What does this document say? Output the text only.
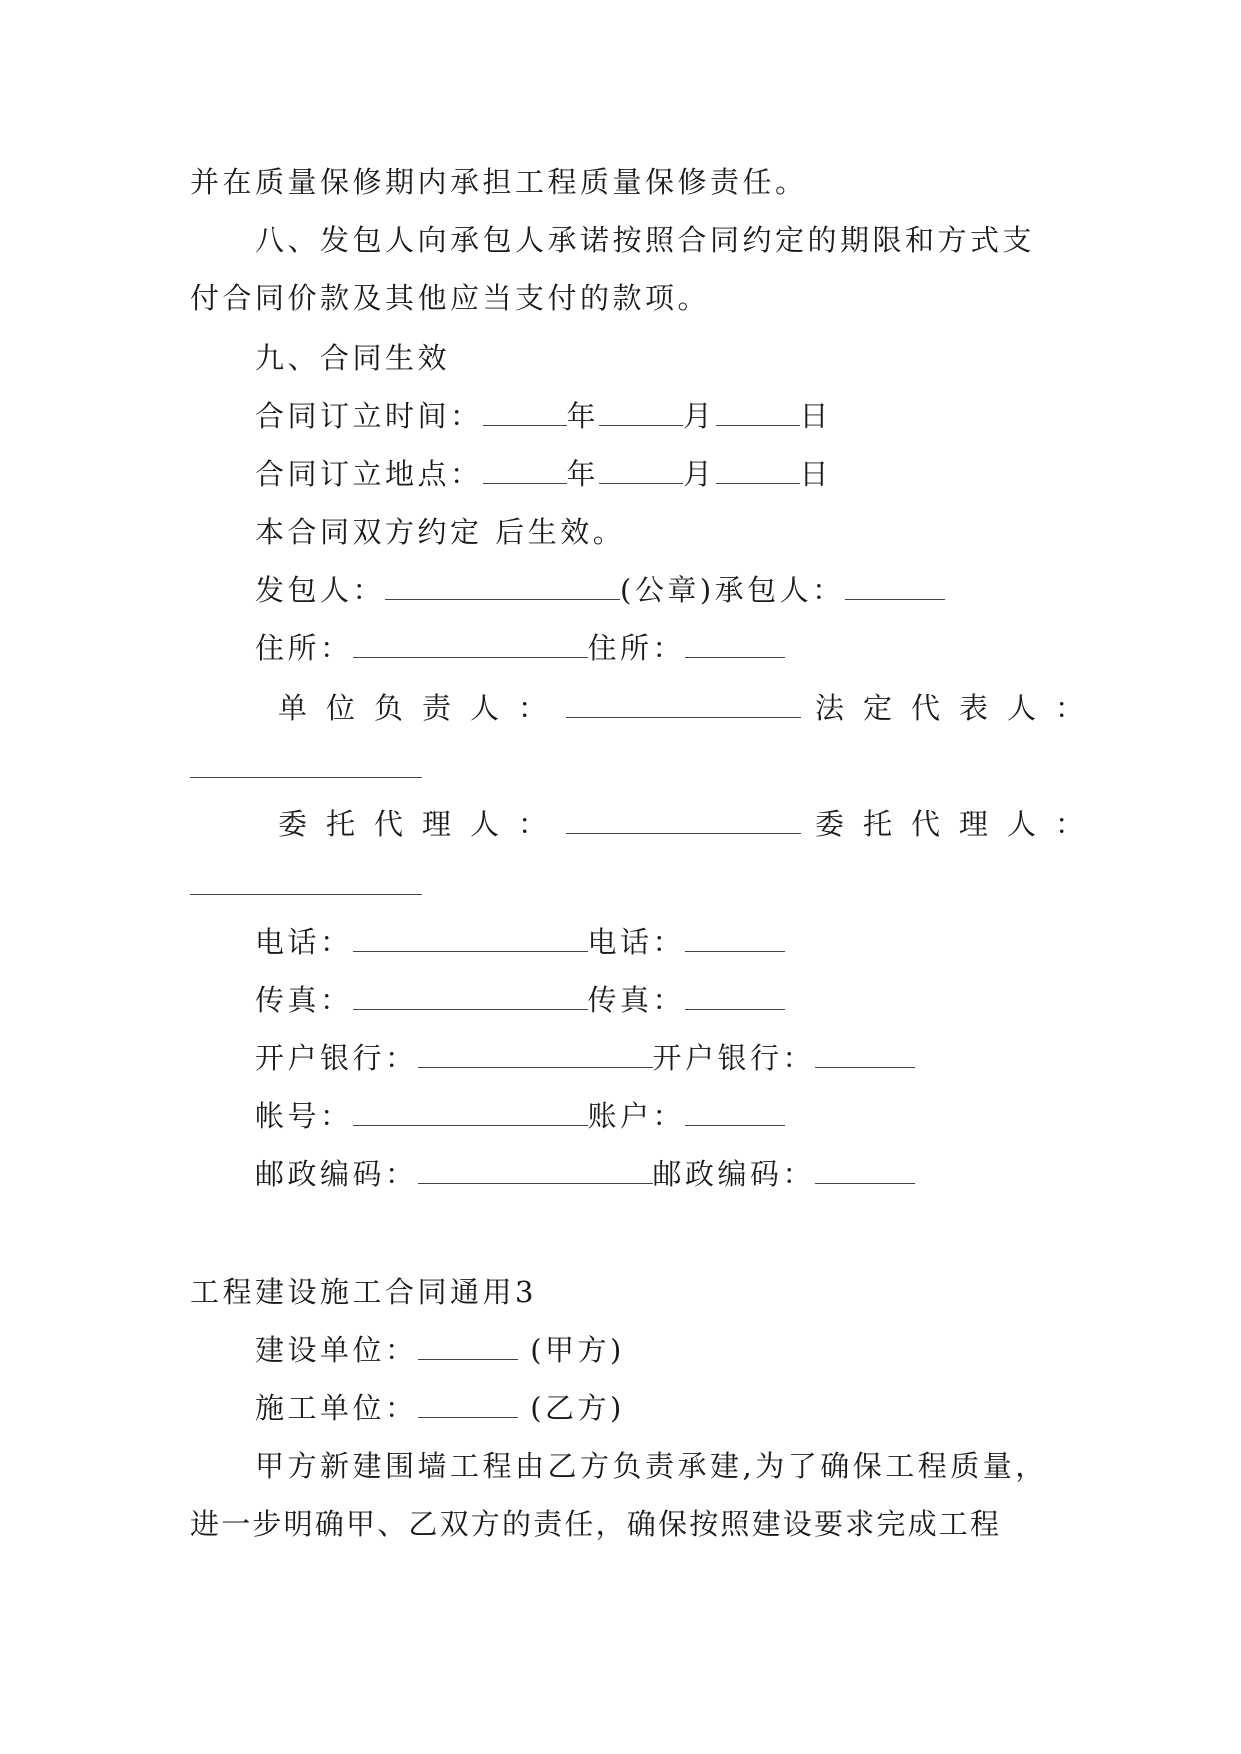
并在质量保修期内承担工程质量保修责任。
八、发包人向承包人承诺按照合同约定的期限和方式支
付合同价款及其他应当支付的款项。
九、合同生效
合同订立时间：	年	月	日
合同订立地点：	年	月	日
本合同双方约定 后生效。
发包人：	(公章)承包人：
住所：	住所：
单位负责人：	法定代表人：
委托代理人：	委托代理人：
电话：	电话：
传真：	传真：
开户银行：	开户银行：
帐号：	账户：
邮政编码：	邮政编码：
工程建设施工合同通用3
建设单位：	(甲方)
施工单位：	(乙方)
甲方新建围墙工程由乙方负责承建,为了确保工程质量，
进一步明确甲、乙双方的责任，确保按照建设要求完成工程
